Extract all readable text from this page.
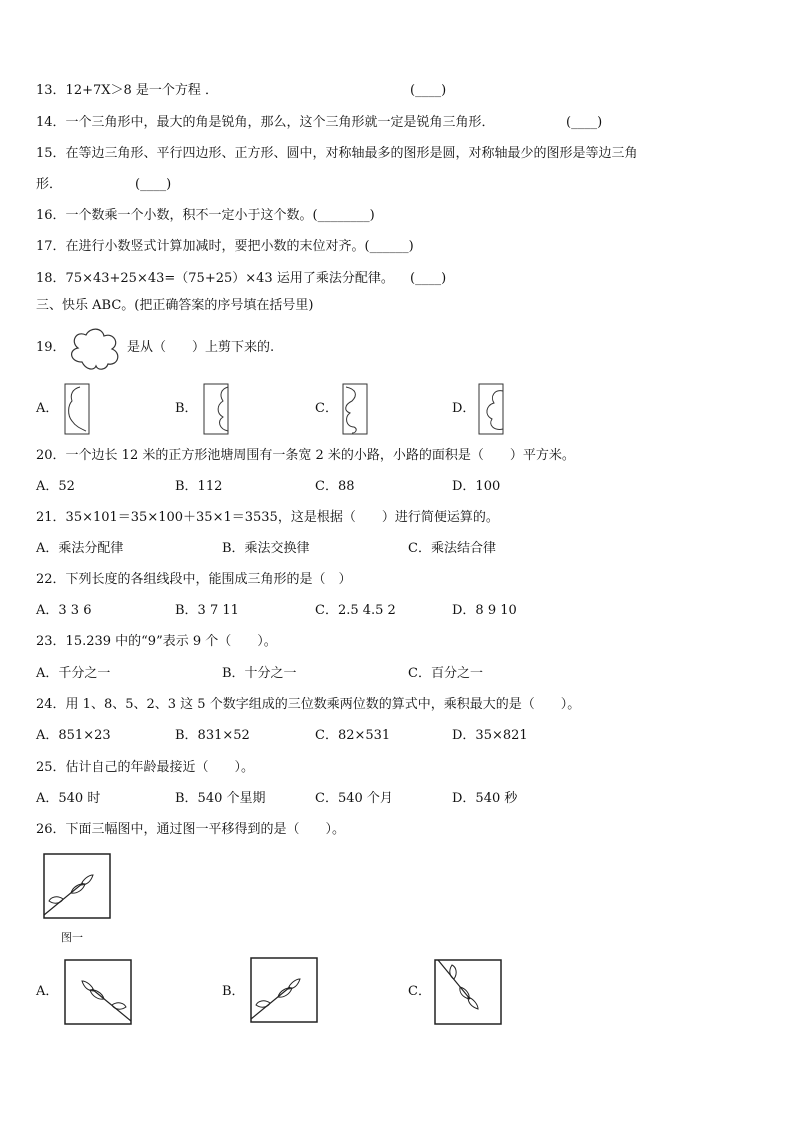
13．12+7X＞8 是一个方程 ．	(____)
14．一个三角形中，最大的角是锐角，那么，这个三角形就一定是锐角三角形．	(____)
15．在等边三角形、平行四边形、正方形、圆中，对称轴最多的图形是圆，对称轴最少的图形是等边三角
形．	(____)
16．一个数乘一个小数，积不一定小于这个数。(________)
17．在进行小数竖式计算加减时，要把小数的末位对齐。(______)
18．75×43+25×43=（75+25）×43 运用了乘法分配律。 (____)
三、快乐 ABC。(把正确答案的序号填在括号里)
19．	是从（　　）上剪下来的.
A．	B．	C．	D．
20．一个边长 12 米的正方形池塘周围有一条宽 2 米的小路，小路的面积是（　　）平方米。
A．52	B．112	C．88	D．100
21．35×101＝35×100＋35×1＝3535，这是根据（　　）进行简便运算的。
A．乘法分配律	B．乘法交换律	C．乘法结合律
22．下列长度的各组线段中，能围成三角形的是（　）
A．3 3 6	B．3 7 11	C．2.5 4.5 2	D．8 9 10
23．15.239 中的“9”表示 9 个（　　）。
A．千分之一	B．十分之一	C．百分之一
24．用 1、8、5、2、3 这 5 个数字组成的三位数乘两位数的算式中，乘积最大的是（　　）。
A．851×23	B．831×52	C．82×531	D．35×821
25．估计自己的年龄最接近（　　）。
A．540 时	B．540 个星期	C．540 个月	D．540 秒
26．下面三幅图中，通过图一平移得到的是（　　）。
图一
A．	B．	C．
